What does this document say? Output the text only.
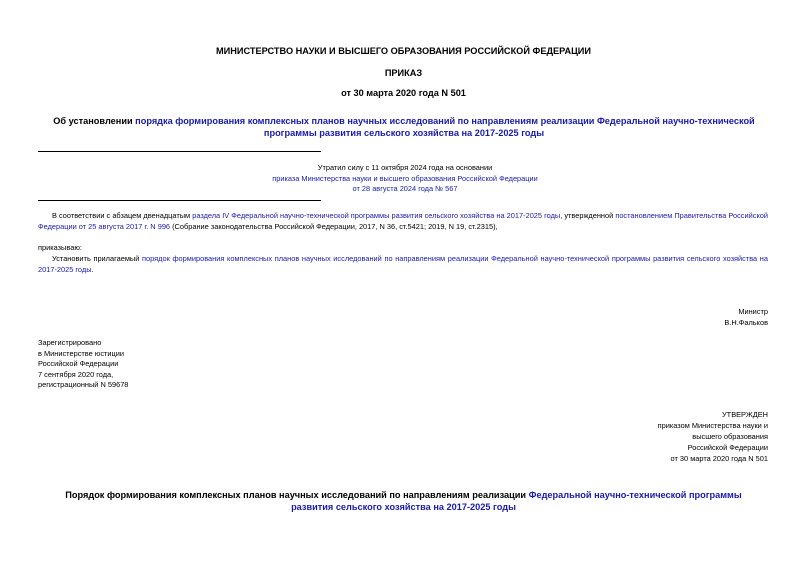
МИНИСТЕРСТВО НАУКИ И ВЫСШЕГО ОБРАЗОВАНИЯ РОССИЙСКОЙ ФЕДЕРАЦИИ
ПРИКАЗ
от 30 марта 2020 года N 501
Об установлении порядка формирования комплексных планов научных исследований по направлениям реализации Федеральной научно-технической программы развития сельского хозяйства на 2017-2025 годы
Утратил силу с 11 октября 2024 года на основании
приказа Министерства науки и высшего образования Российской Федерации
от 28 августа 2024 года № 567
В соответствии с абзацем двенадцатым раздела IV Федеральной научно-технической программы развития сельского хозяйства на 2017-2025 годы, утвержденной постановлением Правительства Российской Федерации от 25 августа 2017 г. N 996 (Собрание законодательства Российской Федерации, 2017, N 36, ст.5421; 2019, N 19, ст.2315),
приказываю:
Установить прилагаемый порядок формирования комплексных планов научных исследований по направлениям реализации Федеральной научно-технической программы развития сельского хозяйства на 2017-2025 годы.
Министр
В.Н.Фальков
Зарегистрировано
в Министерстве юстиции
Российской Федерации
7 сентября 2020 года,
регистрационный N 59678
УТВЕРЖДЕН
приказом Министерства науки и
высшего образования
Российской Федерации
от 30 марта 2020 года N 501
Порядок формирования комплексных планов научных исследований по направлениям реализации Федеральной научно-технической программы развития сельского хозяйства на 2017-2025 годы
